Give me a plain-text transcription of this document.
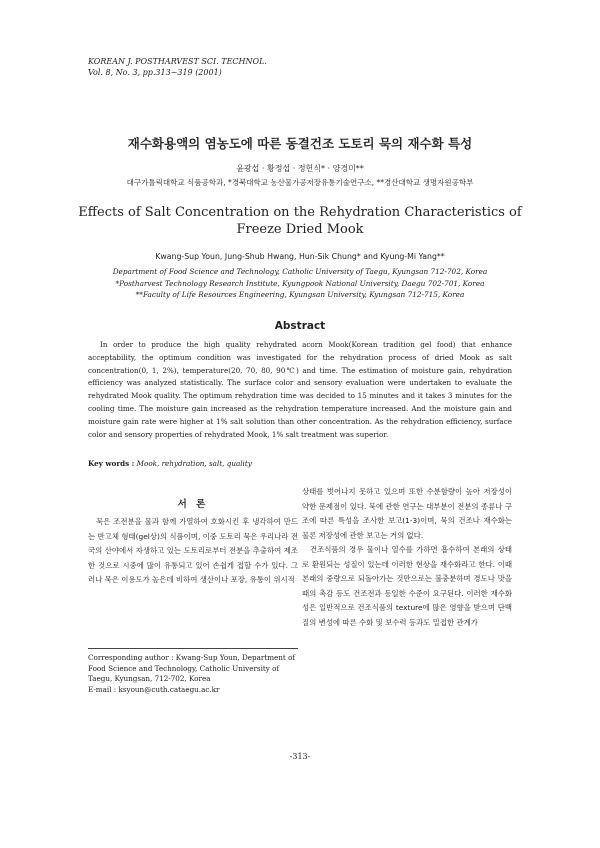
KOREAN J. POSTHARVEST SCI. TECHNOL.
Vol. 8, No. 3, pp.313~319 (2001)
재수화용액의 염농도에 따른 동결건조 도토리 묵의 재수화 특성
윤광섭 · 황정섭 · 정헌식* · 양경미**
대구가톨릭대학교 식품공학과, *경북대학교 농산물가공저장유통기술연구소, **경산대학교 생명자원공학부
Effects of Salt Concentration on the Rehydration Characteristics of
Freeze Dried Mook
Kwang-Sup Youn, Jung-Shub Hwang, Hun-Sik Chung* and Kyung-Mi Yang**
Department of Food Science and Technology, Catholic University of Taegu, Kyungsan 712-702, Korea
*Postharvest Technology Research Institute, Kyungpook National University, Daegu 702-701, Korea
**Faculty of Life Resources Engineering, Kyungsan University, Kyungsan 712-715, Korea
Abstract

In order to produce the high quality rehydrated acorn Mook(Korean tradition gel food) that enhance acceptability, the optimum condition was investigated for the rehydration process of dried Mook as salt concentration(0, 1, 2%), temperature(20, 70, 80, 90℃) and time. The estimation of moisture gain, rehydration efficiency was analyzed statistically. The surface color and sensory evaluation were undertaken to evaluate the rehydrated Mook quality. The optimum rehydration time was decided to 15 minutes and it takes 3 minutes for the cooling time. The moisture gain increased as the rehydration temperature increased. And the moisture gain and moisture gain rate were higher at 1% salt solution than other concentration. As the rehydration efficiency, surface color and sensory properties of rehydrated Mook, 1% salt treatment was superior.

Key words : Mook, rehydration, salt, quality
서 론

묵은 조전분을 물과 함께 가열하여 호화시킨 후 냉각하여 만드는 반고체 형태(gel상)의 식품이며, 이중 도토리 묵은 우리나라 전국의 산야에서 자생하고 있는 도토리로부터 전분을 추출하여 제조한 것으로 시중에 많이 유통되고 있어 손쉽게 접할 수가 있다. 그러나 묵은 이용도가 높은데 비하여 생산이나 포장, 유통이 위시적

상태를 벗어나지 못하고 있으며 또한 수분함량이 높아 저장성이 약한 문제점이 있다. 묵에 관한 연구는 대부분이 전분의 종류나 구조에 따른 특성을 조사한 보고(1-3)이며, 묵의 건조나 재수화는 물론 저장성에 관한 보고는 거의 없다.

건조식품의 경우 물이나 열수를 가하면 흡수하여 본래의 상태로 환원되는 성질이 있는데 이러한 현상을 재수화라고 한다. 이때 본래의 중량으로 되돌아가는 것만으로는 불충분하며 경도나 맛을 때의 촉감 등도 건조전과 동일한 수준이 요구된다. 이러한 재수화성은 일반적으로 건조식품의 texture에 많은 영향을 받으며 단백질의 변성에 따른 수화 및 보수력 등과도 밀접한 관계가

Corresponding author : Kwang-Sup Youn, Department of Food Science and Technology, Catholic University of Taegu, Kyungsan, 712-702, Korea
E-mail : ksyoun@cuth.cataegu.ac.kr
-313-
